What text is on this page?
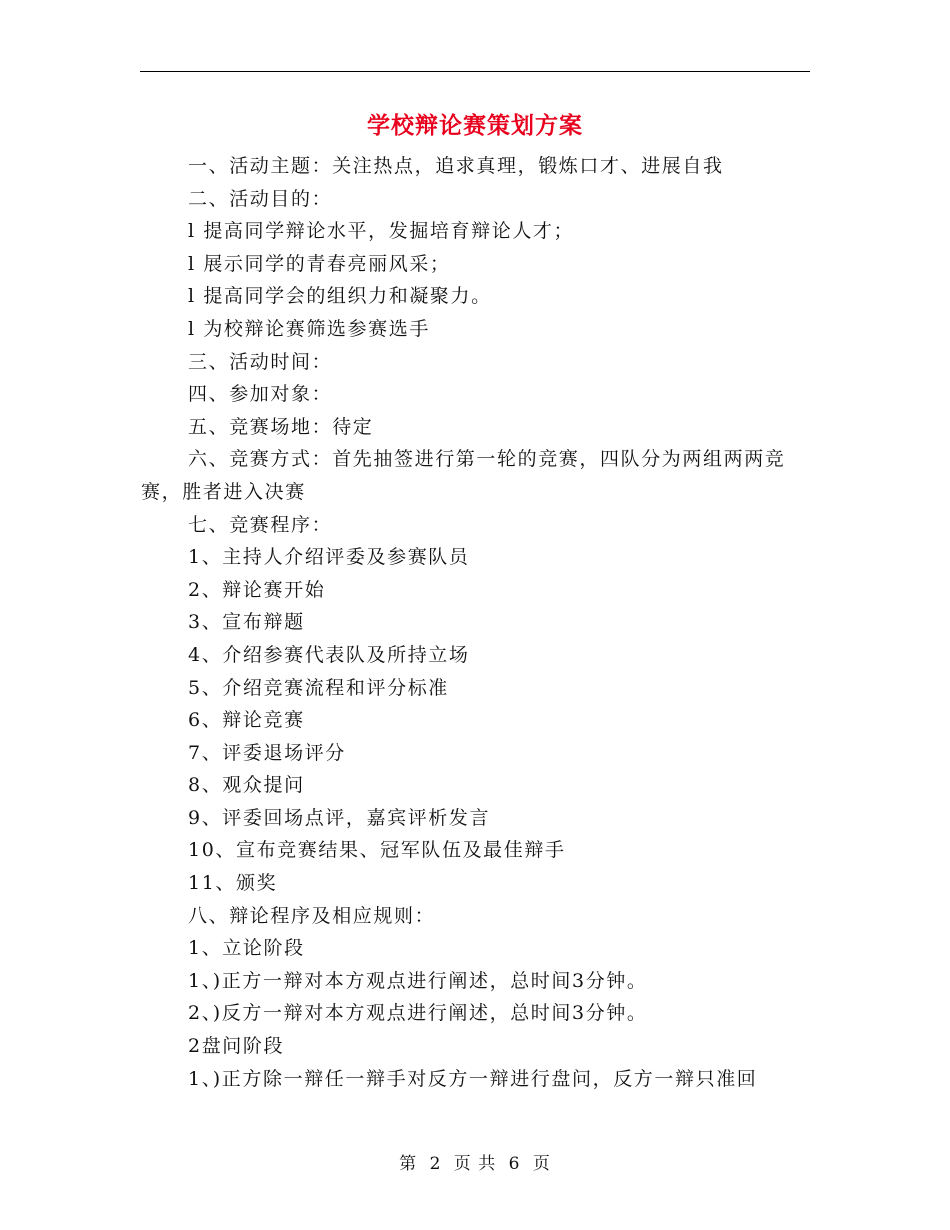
学校辩论赛策划方案

一、活动主题：关注热点，追求真理，锻炼口才、进展自我

二、活动目的：

l 提高同学辩论水平，发掘培育辩论人才；

l 展示同学的青春亮丽风采；

l 提高同学会的组织力和凝聚力。

l 为校辩论赛筛选参赛选手

三、活动时间：

四、参加对象：

五、竞赛场地：待定

六、竞赛方式：首先抽签进行第一轮的竞赛，四队分为两组两两竞赛，胜者进入决赛

七、竞赛程序：

1、主持人介绍评委及参赛队员

2、辩论赛开始

3、宣布辩题

4、介绍参赛代表队及所持立场

5、介绍竞赛流程和评分标准

6、辩论竞赛

7、评委退场评分

8、观众提问

9、评委回场点评，嘉宾评析发言

10、宣布竞赛结果、冠军队伍及最佳辩手

11、颁奖

八、辩论程序及相应规则：

1、立论阶段

1、)正方一辩对本方观点进行阐述，总时间3分钟。

2、)反方一辩对本方观点进行阐述，总时间3分钟。

2盘问阶段

1、)正方除一辩任一辩手对反方一辩进行盘问，反方一辩只准回

第 2 页 共 6 页
